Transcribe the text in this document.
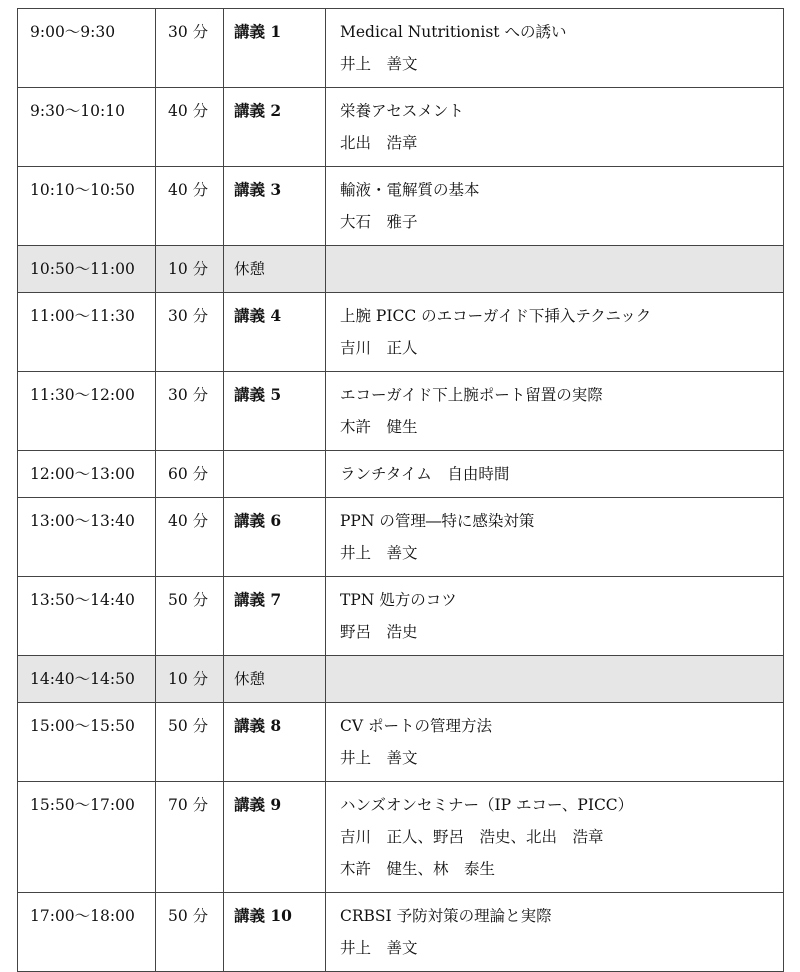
9:00～9:30	30 分	講義 1	Medical Nutritionist への誘い
井上　善文

9:30～10:10	40 分	講義 2	栄養アセスメント
北出　浩章

10:10～10:50	40 分	講義 3	輸液・電解質の基本
大石　雅子

10:50～11:00	10 分	休憩	

11:00～11:30	30 分	講義 4	上腕 PICC のエコーガイド下挿入テクニック
吉川　正人

11:30～12:00	30 分	講義 5	エコーガイド下上腕ポート留置の実際
木許　健生

12:00～13:00	60 分		ランチタイム　自由時間

13:00～13:40	40 分	講義 6	PPN の管理―特に感染対策
井上　善文

13:50～14:40	50 分	講義 7	TPN 処方のコツ
野呂　浩史

14:40～14:50	10 分	休憩	

15:00～15:50	50 分	講義 8	CV ポートの管理方法
井上　善文

15:50～17:00	70 分	講義 9	ハンズオンセミナー（IP エコー、PICC）
吉川　正人、野呂　浩史、北出　浩章
木許　健生、林　泰生

17:00～18:00	50 分	講義 10	CRBSI 予防対策の理論と実際
井上　善文
